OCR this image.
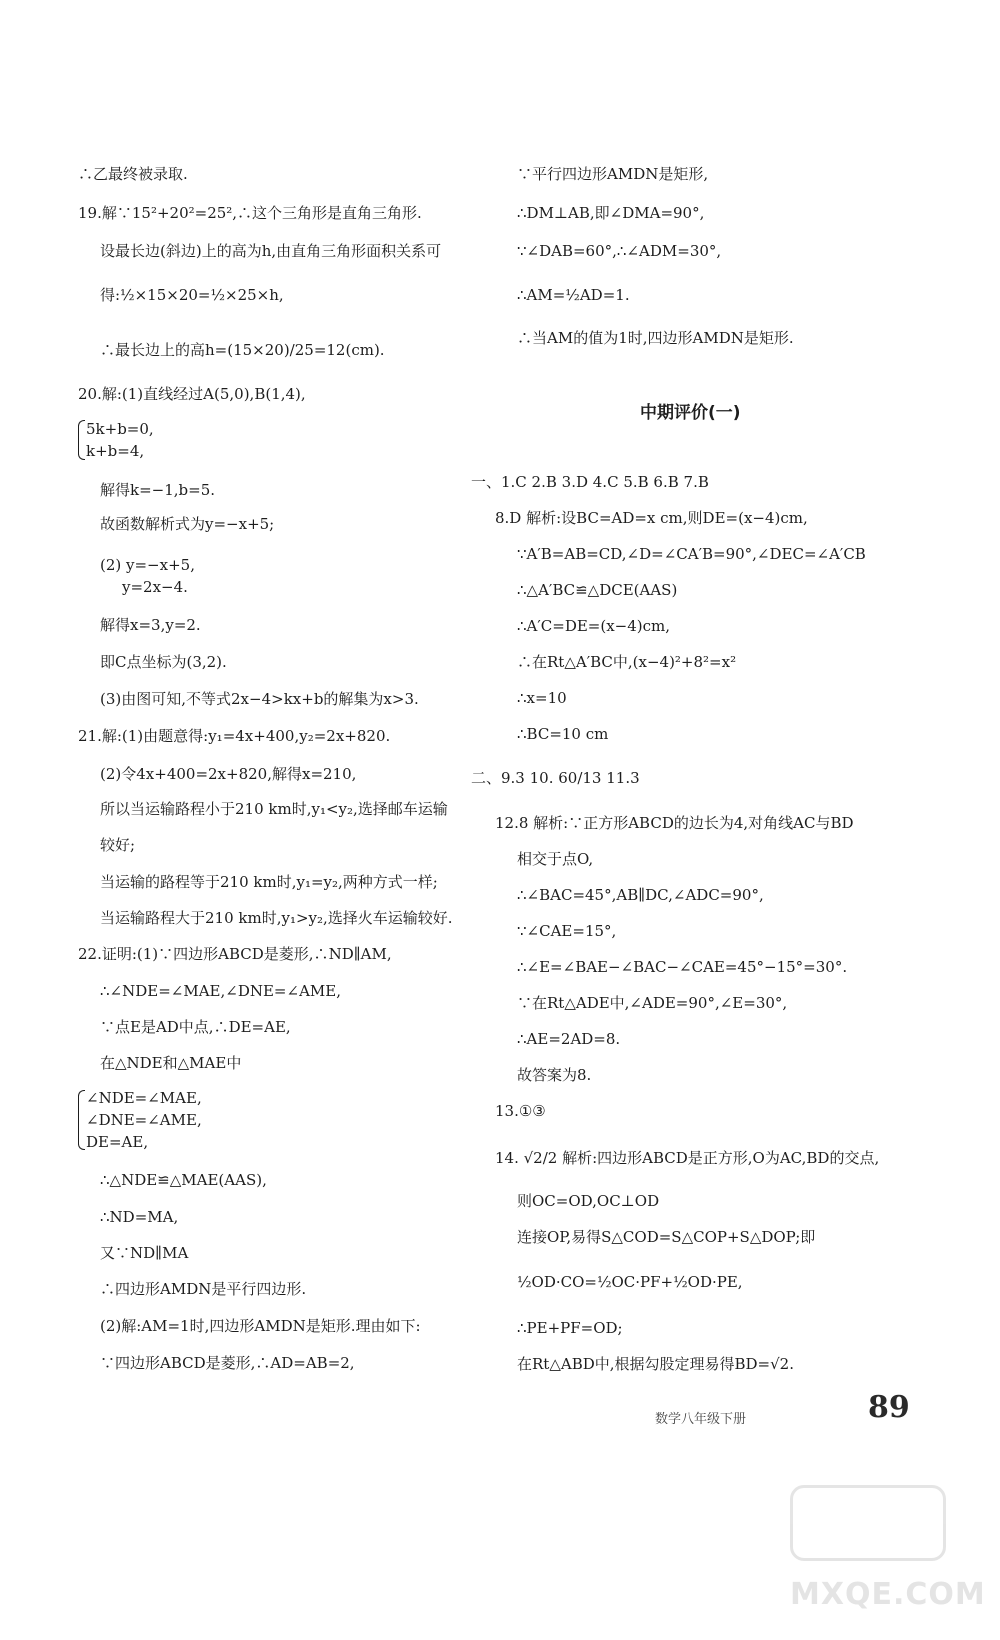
∴乙最终被录取.
19.解∵15²+20²=25²,∴这个三角形是直角三角形.
设最长边(斜边)上的高为h,由直角三角形面积关系可
得:½×15×20=½×25×h,
∴最长边上的高h=(15×20)/25=12(cm).
20.解:(1)直线经过A(5,0),B(1,4),
5k+b=0,
k+b=4,
解得k=−1,b=5.
故函数解析式为y=−x+5;
(2) y=−x+5,
y=2x−4.
解得x=3,y=2.
即C点坐标为(3,2).
(3)由图可知,不等式2x−4>kx+b的解集为x>3.
21.解:(1)由题意得:y₁=4x+400,y₂=2x+820.
(2)令4x+400=2x+820,解得x=210,
所以当运输路程小于210 km时,y₁<y₂,选择邮车运输
较好;
当运输的路程等于210 km时,y₁=y₂,两种方式一样;
当运输路程大于210 km时,y₁>y₂,选择火车运输较好.
22.证明:(1)∵四边形ABCD是菱形,∴ND∥AM,
∴∠NDE=∠MAE,∠DNE=∠AME,
∵点E是AD中点,∴DE=AE,
在△NDE和△MAE中
∠NDE=∠MAE,
∠DNE=∠AME,
DE=AE,
∴△NDE≌△MAE(AAS),
∴ND=MA,
又∵ND∥MA
∴四边形AMDN是平行四边形.
(2)解:AM=1时,四边形AMDN是矩形.理由如下:
∵四边形ABCD是菱形,∴AD=AB=2,
∵平行四边形AMDN是矩形,
∴DM⊥AB,即∠DMA=90°,
∵∠DAB=60°,∴∠ADM=30°,
∴AM=½AD=1.
∴当AM的值为1时,四边形AMDN是矩形.
一、1.C 2.B 3.D 4.C 5.B 6.B 7.B
8.D 解析:设BC=AD=x cm,则DE=(x−4)cm,
∵A′B=AB=CD,∠D=∠CA′B=90°,∠DEC=∠A′CB
∴△A′BC≌△DCE(AAS)
∴A′C=DE=(x−4)cm,
∴在Rt△A′BC中,(x−4)²+8²=x²
∴x=10
∴BC=10 cm
二、9.3 10. 60/13 11.3
12.8 解析:∵正方形ABCD的边长为4,对角线AC与BD
相交于点O,
∴∠BAC=45°,AB∥DC,∠ADC=90°,
∵∠CAE=15°,
∴∠E=∠BAE−∠BAC−∠CAE=45°−15°=30°.
∵在Rt△ADE中,∠ADE=90°,∠E=30°,
∴AE=2AD=8.
故答案为8.
13.①③
14. √2/2 解析:四边形ABCD是正方形,O为AC,BD的交点,
则OC=OD,OC⊥OD
连接OP,易得S△COD=S△COP+S△DOP;即
½OD·CO=½OC·PF+½OD·PE,
∴PE+PF=OD;
在Rt△ABD中,根据勾股定理易得BD=√2.
中期评价(一)
数学八年级下册	89
MXQE.COM
